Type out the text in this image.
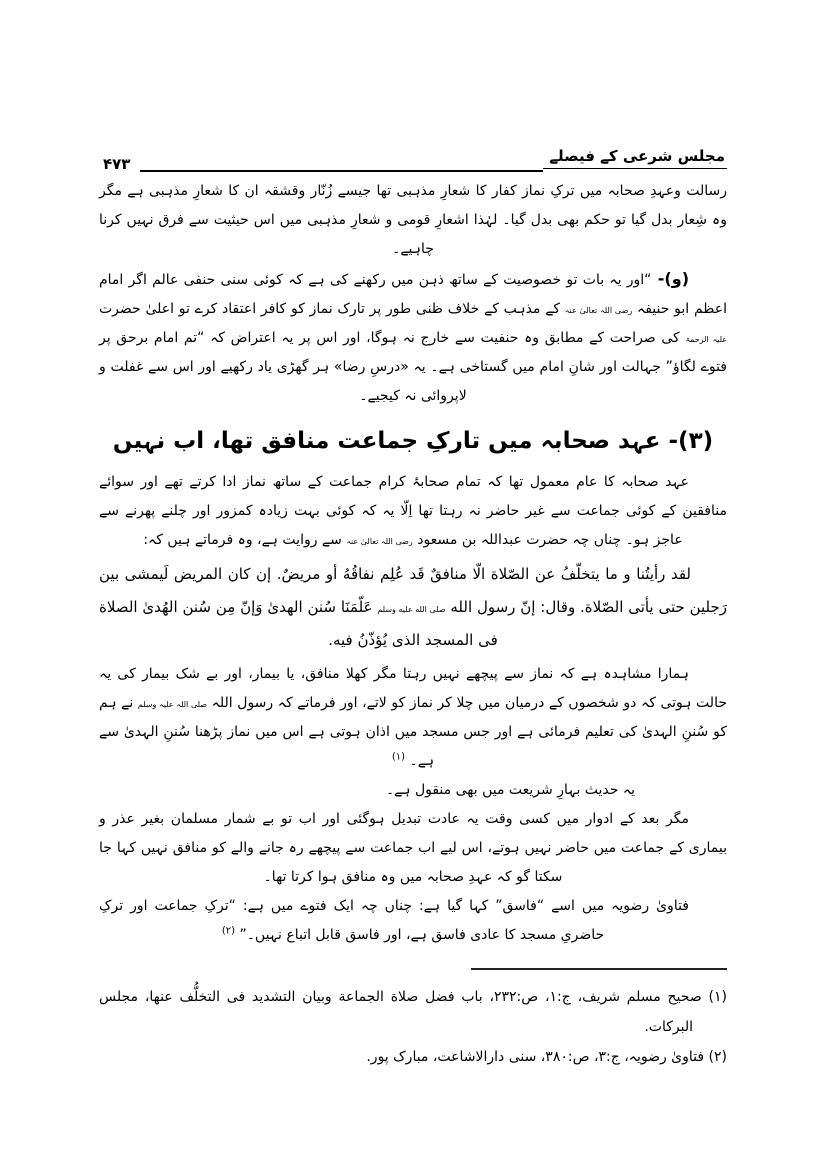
مجلس شرعی کے فیصلے
۴۷۳

رسالت وعہدِ صحابہ میں ترکِ نماز کفار کا شعارِ مذہبی تھا جیسے زُنّار وقشقہ ان کا شعارِ مذہبی ہے مگر وہ شِعار بدل گیا تو حکم بھی بدل گیا۔ لہٰذا اشعارِ قومی و شعارِ مذہبی میں اس حیثیت سے فرق نہیں کرنا چاہیے۔

(و)- “اور یہ بات تو خصوصیت کے ساتھ ذہن میں رکھنے کی ہے کہ کوئی سنی حنفی عالم اگر امام اعظم ابو حنیفہ رضی اللہ تعالیٰ عنہ کے مذہب کے خلاف ظنی طور پر تارک نماز کو کافر اعتقاد کرے تو اعلیٰ حضرت علیہ الرحمۃ کی صراحت کے مطابق وہ حنفیت سے خارج نہ ہوگا، اور اس پر یہ اعتراض کہ “تم امام برحق پر فتوے لگاؤ” جہالت اور شانِ امام میں گستاخی ہے۔ یہ «درسِ رضا» ہر گھڑی یاد رکھیے اور اس سے غفلت و لاپروائی نہ کیجیے۔

(۳)- عہد صحابہ میں تارکِ جماعت منافق تھا، اب نہیں

عہد صحابہ کا عام معمول تھا کہ تمام صحابۂ کرام جماعت کے ساتھ نماز ادا کرتے تھے اور سوائے منافقین کے کوئی جماعت سے غیر حاضر نہ رہتا تھا اِلّا یہ کہ کوئی بہت زیادہ کمزور اور چلنے پھرنے سے عاجز ہو۔ چناں چہ حضرت عبداللہ بن مسعود رضی اللہ تعالیٰ عنہ سے روایت ہے، وہ فرماتے ہیں کہ:

لقد رأيتُنا و ما يتخلّفُ عن الصّلاة الّا منافقٌ قَد عُلِم نفاقُهُ أو مريضٌ. إن كان المريض لَيمشی بين رَجلين حتی يأتی الصّلاة. وقال: إنّ رسول الله صلى الله عليه وسلم عَلّمَنَا سُنن الهدیٰ وَإنّ مِن سُنن الهُدیٰ الصلاة فی المسجد الذی يُؤذّنُ فيه.

ہمارا مشاہدہ ہے کہ نماز سے پیچھے نہیں رہتا مگر کھلا منافق، یا بیمار، اور بے شک بیمار کی یہ حالت ہوتی کہ دو شخصوں کے درمیان میں چلا کر نماز کو لاتے، اور فرماتے کہ رسول اللہ صلی اللہ علیہ وسلم نے ہم کو سُننِ الہدیٰ کی تعلیم فرمائی ہے اور جس مسجد میں اذان ہوتی ہے اس میں نماز پڑھنا سُننِ الہدیٰ سے ہے۔ $^{(۱)}$

یہ حدیث بہارِ شریعت میں بھی منقول ہے۔

مگر بعد کے ادوار میں کسی وقت یہ عادت تبدیل ہوگئی اور اب تو بے شمار مسلمان بغیر عذر و بیماری کے جماعت میں حاضر نہیں ہوتے، اس لیے اب جماعت سے پیچھے رہ جانے والے کو منافق نہیں کہا جا سکتا گو کہ عہدِ صحابہ میں وہ منافق ہوا کرتا تھا۔

فتاویٰ رضویہ میں اسے “فاسق” کہا گیا ہے: چناں چہ ایک فتوے میں ہے: “ترکِ جماعت اور ترکِ حاضریِ مسجد کا عادی فاسق ہے، اور فاسق قابل اتباع نہیں۔” $^{(۲)}$

(۱) صحیح مسلم شریف، ج:۱، ص:۲۳۲، باب فضل صلاة الجماعة وبيان التشديد فی التخلُّف عنها، مجلس البركات.

(۲) فتاویٰ رضویہ، ج:۳، ص:۳۸۰، سنی دارالاشاعت، مبارک پور.
